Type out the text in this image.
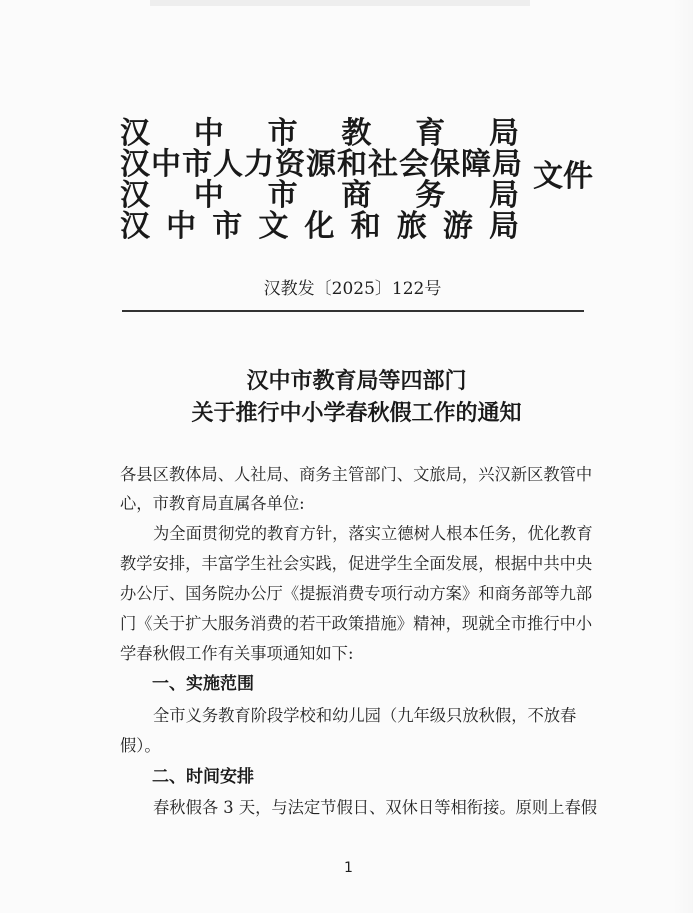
汉中市教育局
汉中市人力资源和社会保障局
汉中市商务局
汉中市文化和旅游局
文件
汉教发〔2025〕122号
汉中市教育局等四部门
关于推行中小学春秋假工作的通知
各县区教体局、人社局、商务主管部门、文旅局，兴汉新区教管中
心，市教育局直属各单位:
为全面贯彻党的教育方针，落实立德树人根本任务，优化教育
教学安排，丰富学生社会实践，促进学生全面发展，根据中共中央
办公厅、国务院办公厅《提振消费专项行动方案》和商务部等九部
门《关于扩大服务消费的若干政策措施》精神，现就全市推行中小
学春秋假工作有关事项通知如下:
一、实施范围
全市义务教育阶段学校和幼儿园（九年级只放秋假，不放春
假）。
二、时间安排
春秋假各 3 天，与法定节假日、双休日等相衔接。原则上春假
1
